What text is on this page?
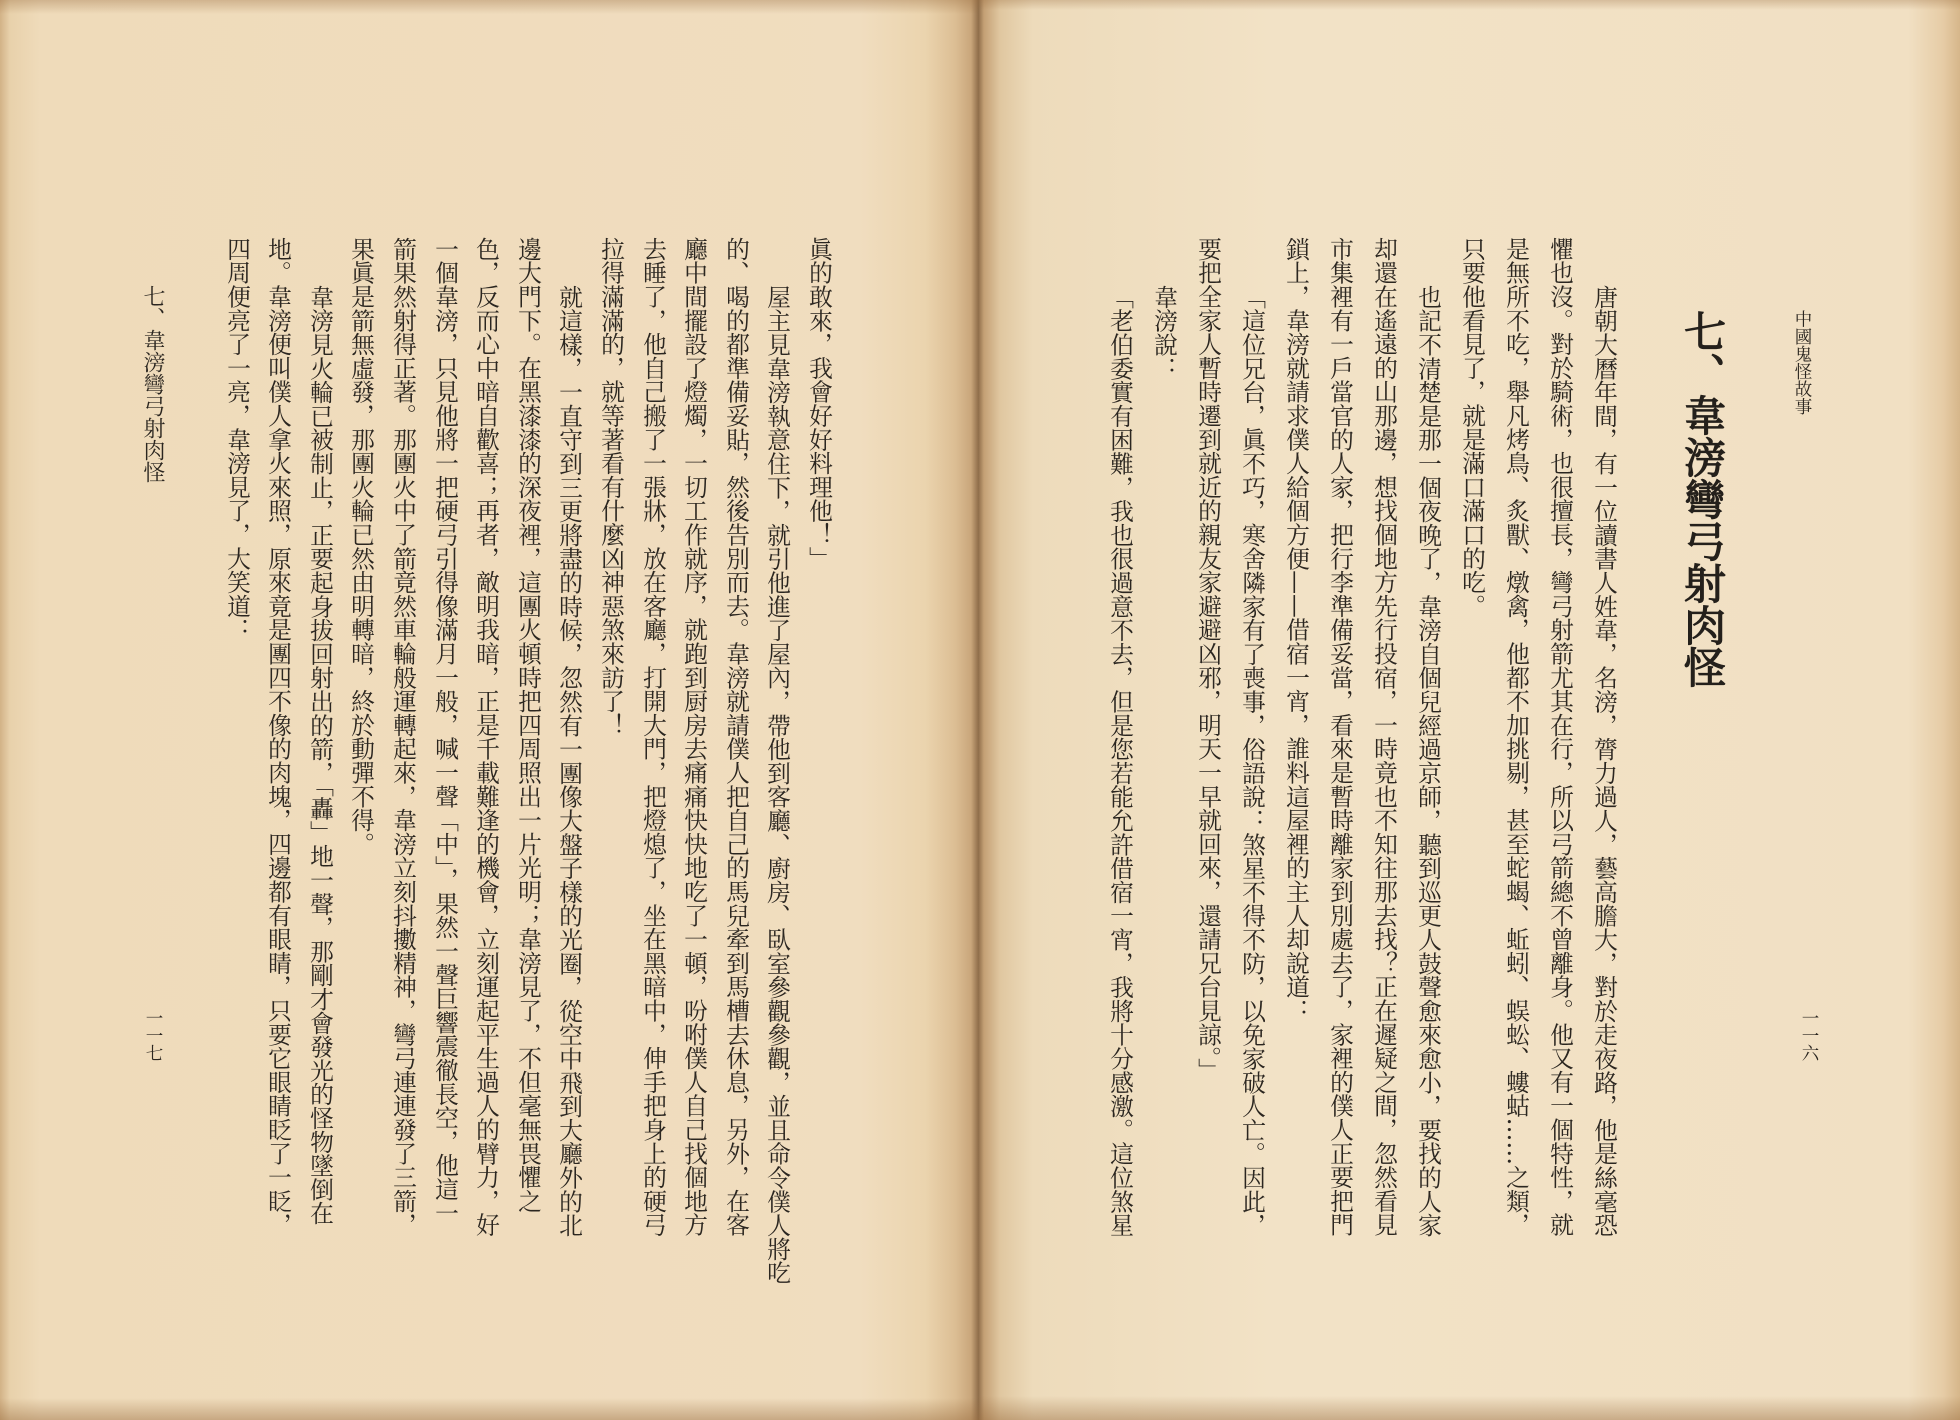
七、韋滂彎弓射肉怪
一一七
眞的敢來，我會好好料理他！」
屋主見韋滂執意住下，就引他進了屋內，帶他到客廳、廚房、臥室參觀參觀，並且命令僕人將吃
的、喝的都準備妥貼，然後告別而去。韋滂就請僕人把自己的馬兒牽到馬槽去休息，另外，在客
廳中間擺設了燈燭，一切工作就序，就跑到厨房去痛痛快快地吃了一頓，吩咐僕人自己找個地方
去睡了，他自己搬了一張牀，放在客廳，打開大門，把燈熄了，坐在黑暗中，伸手把身上的硬弓
拉得滿滿的，就等著看有什麼凶神惡煞來訪了！
就這樣，一直守到三更將盡的時候，忽然有一團像大盤子樣的光圈，從空中飛到大廳外的北
邊大門下。在黑漆漆的深夜裡，這團火頓時把四周照出一片光明；韋滂見了，不但毫無畏懼之
色，反而心中暗自歡喜；再者，敵明我暗，正是千載難逢的機會，立刻運起平生過人的臂力，好
一個韋滂，只見他將一把硬弓引得像滿月一般，喊一聲「中」，果然一聲巨響震徹長空，他這一
箭果然射得正著。那團火中了箭竟然車輪般運轉起來，韋滂立刻抖擻精神，彎弓連連發了三箭，
果眞是箭無虛發，那團火輪已然由明轉暗，終於動彈不得。
韋滂見火輪已被制止，正要起身拔回射出的箭，「轟」地一聲，那剛才會發光的怪物墜倒在
地。韋滂便叫僕人拿火來照，原來竟是團四不像的肉塊，四邊都有眼睛，只要它眼睛眨了一眨，
四周便亮了一亮，韋滂見了，大笑道：	中國鬼怪故事
一一六
七、韋滂彎弓射肉怪
唐朝大曆年間，有一位讀書人姓韋，名滂，膂力過人，藝高膽大，對於走夜路，他是絲毫恐
懼也沒。對於騎術，也很擅長，彎弓射箭尤其在行，所以弓箭總不曾離身。他又有一個特性，就
是無所不吃，舉凡烤鳥、炙獸、燉禽，他都不加挑剔，甚至蛇蝎、蚯蚓、蜈蚣、螻蛄……之類，
只要他看見了，就是滿口滿口的吃。
也記不清楚是那一個夜晚了，韋滂自個兒經過京師，聽到巡更人鼓聲愈來愈小，要找的人家
却還在遙遠的山那邊，想找個地方先行投宿，一時竟也不知往那去找？正在遲疑之間，忽然看見
市集裡有一戶當官的人家，把行李準備妥當，看來是暫時離家到別處去了，家裡的僕人正要把門
鎖上，韋滂就請求僕人給個方便——借宿一宵，誰料這屋裡的主人却說道：
「這位兄台，眞不巧，寒舍隣家有了喪事，俗語說：煞星不得不防，以免家破人亡。因此，
要把全家人暫時遷到就近的親友家避避凶邪，明天一早就回來，還請兄台見諒。」
韋滂說：
「老伯委實有困難，我也很過意不去，但是您若能允許借宿一宵，我將十分感激。這位煞星
